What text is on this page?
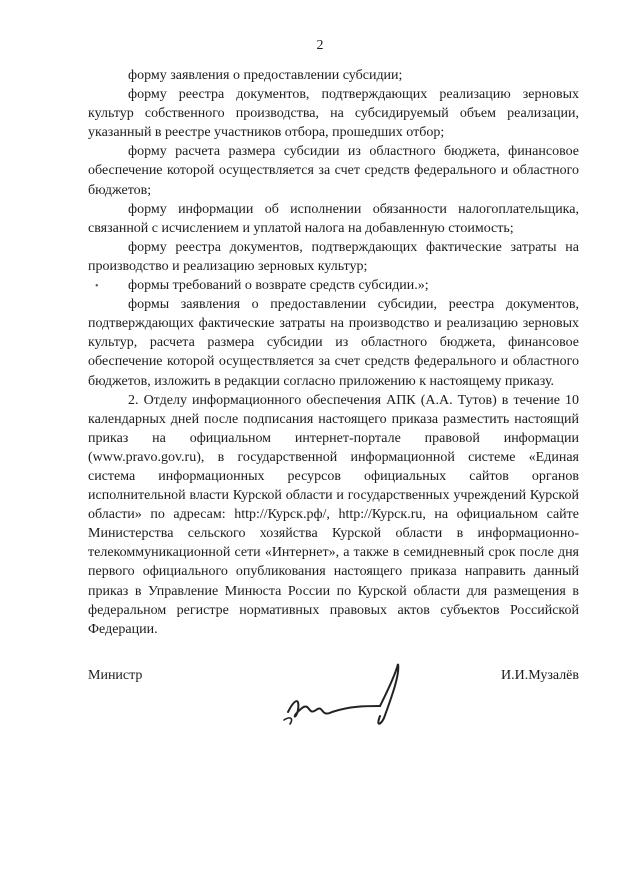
2

форму заявления о предоставлении субсидии;

форму реестра документов, подтверждающих реализацию зерновых культур собственного производства, на субсидируемый объем реализации, указанный в реестре участников отбора, прошедших отбор;

форму расчета размера субсидии из областного бюджета, финансовое обеспечение которой осуществляется за счет средств федерального и областного бюджетов;

форму информации об исполнении обязанности налогоплательщика, связанной с исчислением и уплатой налога на добавленную стоимость;

форму реестра документов, подтверждающих фактические затраты на производство и реализацию зерновых культур;

•	формы требований о возврате средств субсидии.»;

формы заявления о предоставлении субсидии, реестра документов, подтверждающих фактические затраты на производство и реализацию зерновых культур, расчета размера субсидии из областного бюджета, финансовое обеспечение которой осуществляется за счет средств федерального и областного бюджетов, изложить в редакции согласно приложению к настоящему приказу.

2. Отделу информационного обеспечения АПК (А.А. Тутов) в течение 10 календарных дней после подписания настоящего приказа разместить настоящий приказ на официальном интернет-портале правовой информации (www.pravo.gov.ru), в государственной информационной системе «Единая система информационных ресурсов официальных сайтов органов исполнительной власти Курской области и государственных учреждений Курской области» по адресам: http://Курск.рф/, http://Курск.ru, на официальном сайте Министерства сельского хозяйства Курской области в информационно-телекоммуникационной сети «Интернет», а также в семидневный срок после дня первого официального опубликования настоящего приказа направить данный приказ в Управление Минюста России по Курской области для размещения в федеральном регистре нормативных правовых актов субъектов Российской Федерации.

Министр	И.И.Музалёв
